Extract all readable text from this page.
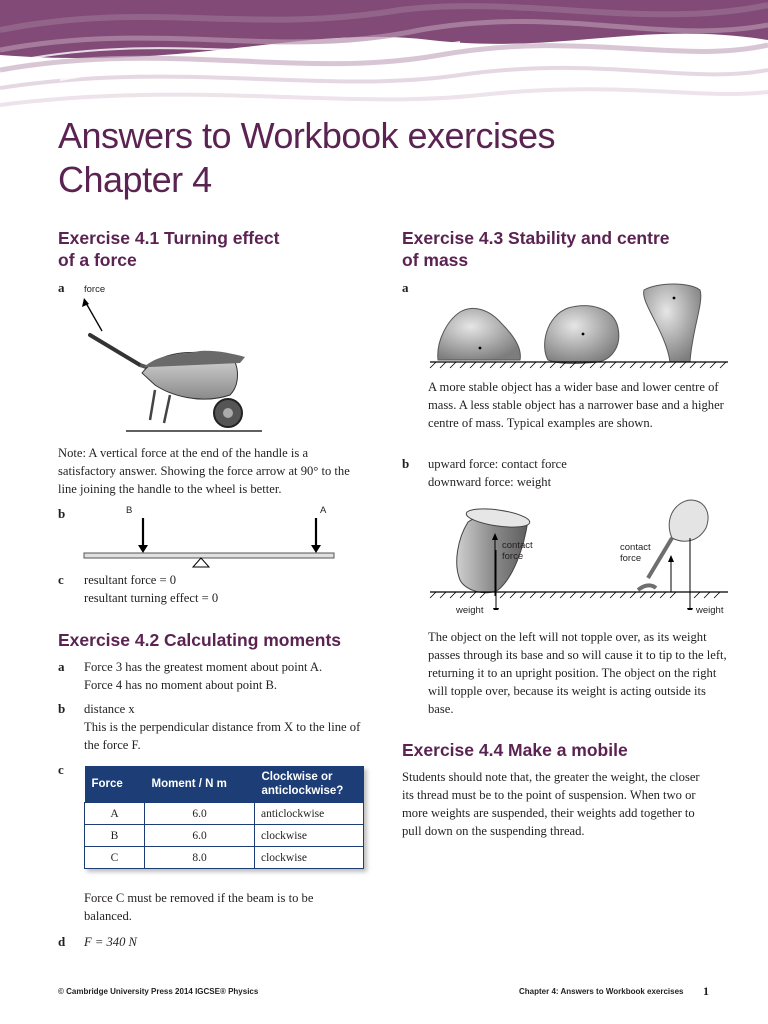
Answers to Workbook exercises
Chapter 4
Exercise 4.1 Turning effect
of a force
a force
Note: A vertical force at the end of the handle is a satisfactory answer. Showing the force arrow at 90° to the line joining the handle to the wheel is better.
b	B	A
c resultant force = 0
resultant turning effect = 0
Exercise 4.2 Calculating moments
a Force 3 has the greatest moment about point A.
Force 4 has no moment about point B.
b distance x
This is the perpendicular distance from X to the line of the force F.
c
Force	Moment / N m	Clockwise or anticlockwise?
A	6.0	anticlockwise
B	6.0	clockwise
C	8.0	clockwise
Force C must be removed if the beam is to be balanced.
d F = 340 N
Exercise 4.3 Stability and centre
of mass
a
A more stable object has a wider base and lower centre of mass. A less stable object has a narrower base and a higher centre of mass. Typical examples are shown.
b upward force: contact force
downward force: weight
contact force
contact force
weight	weight
The object on the left will not topple over, as its weight passes through its base and so will cause it to tip to the left, returning it to an upright position. The object on the right will topple over, because its weight is acting outside its base.
Exercise 4.4 Make a mobile
Students should note that, the greater the weight, the closer its thread must be to the point of suspension. When two or more weights are suspended, their weights add together to pull down on the suspending thread.
© Cambridge University Press 2014 IGCSE® Physics	Chapter 4: Answers to Workbook exercises 1
